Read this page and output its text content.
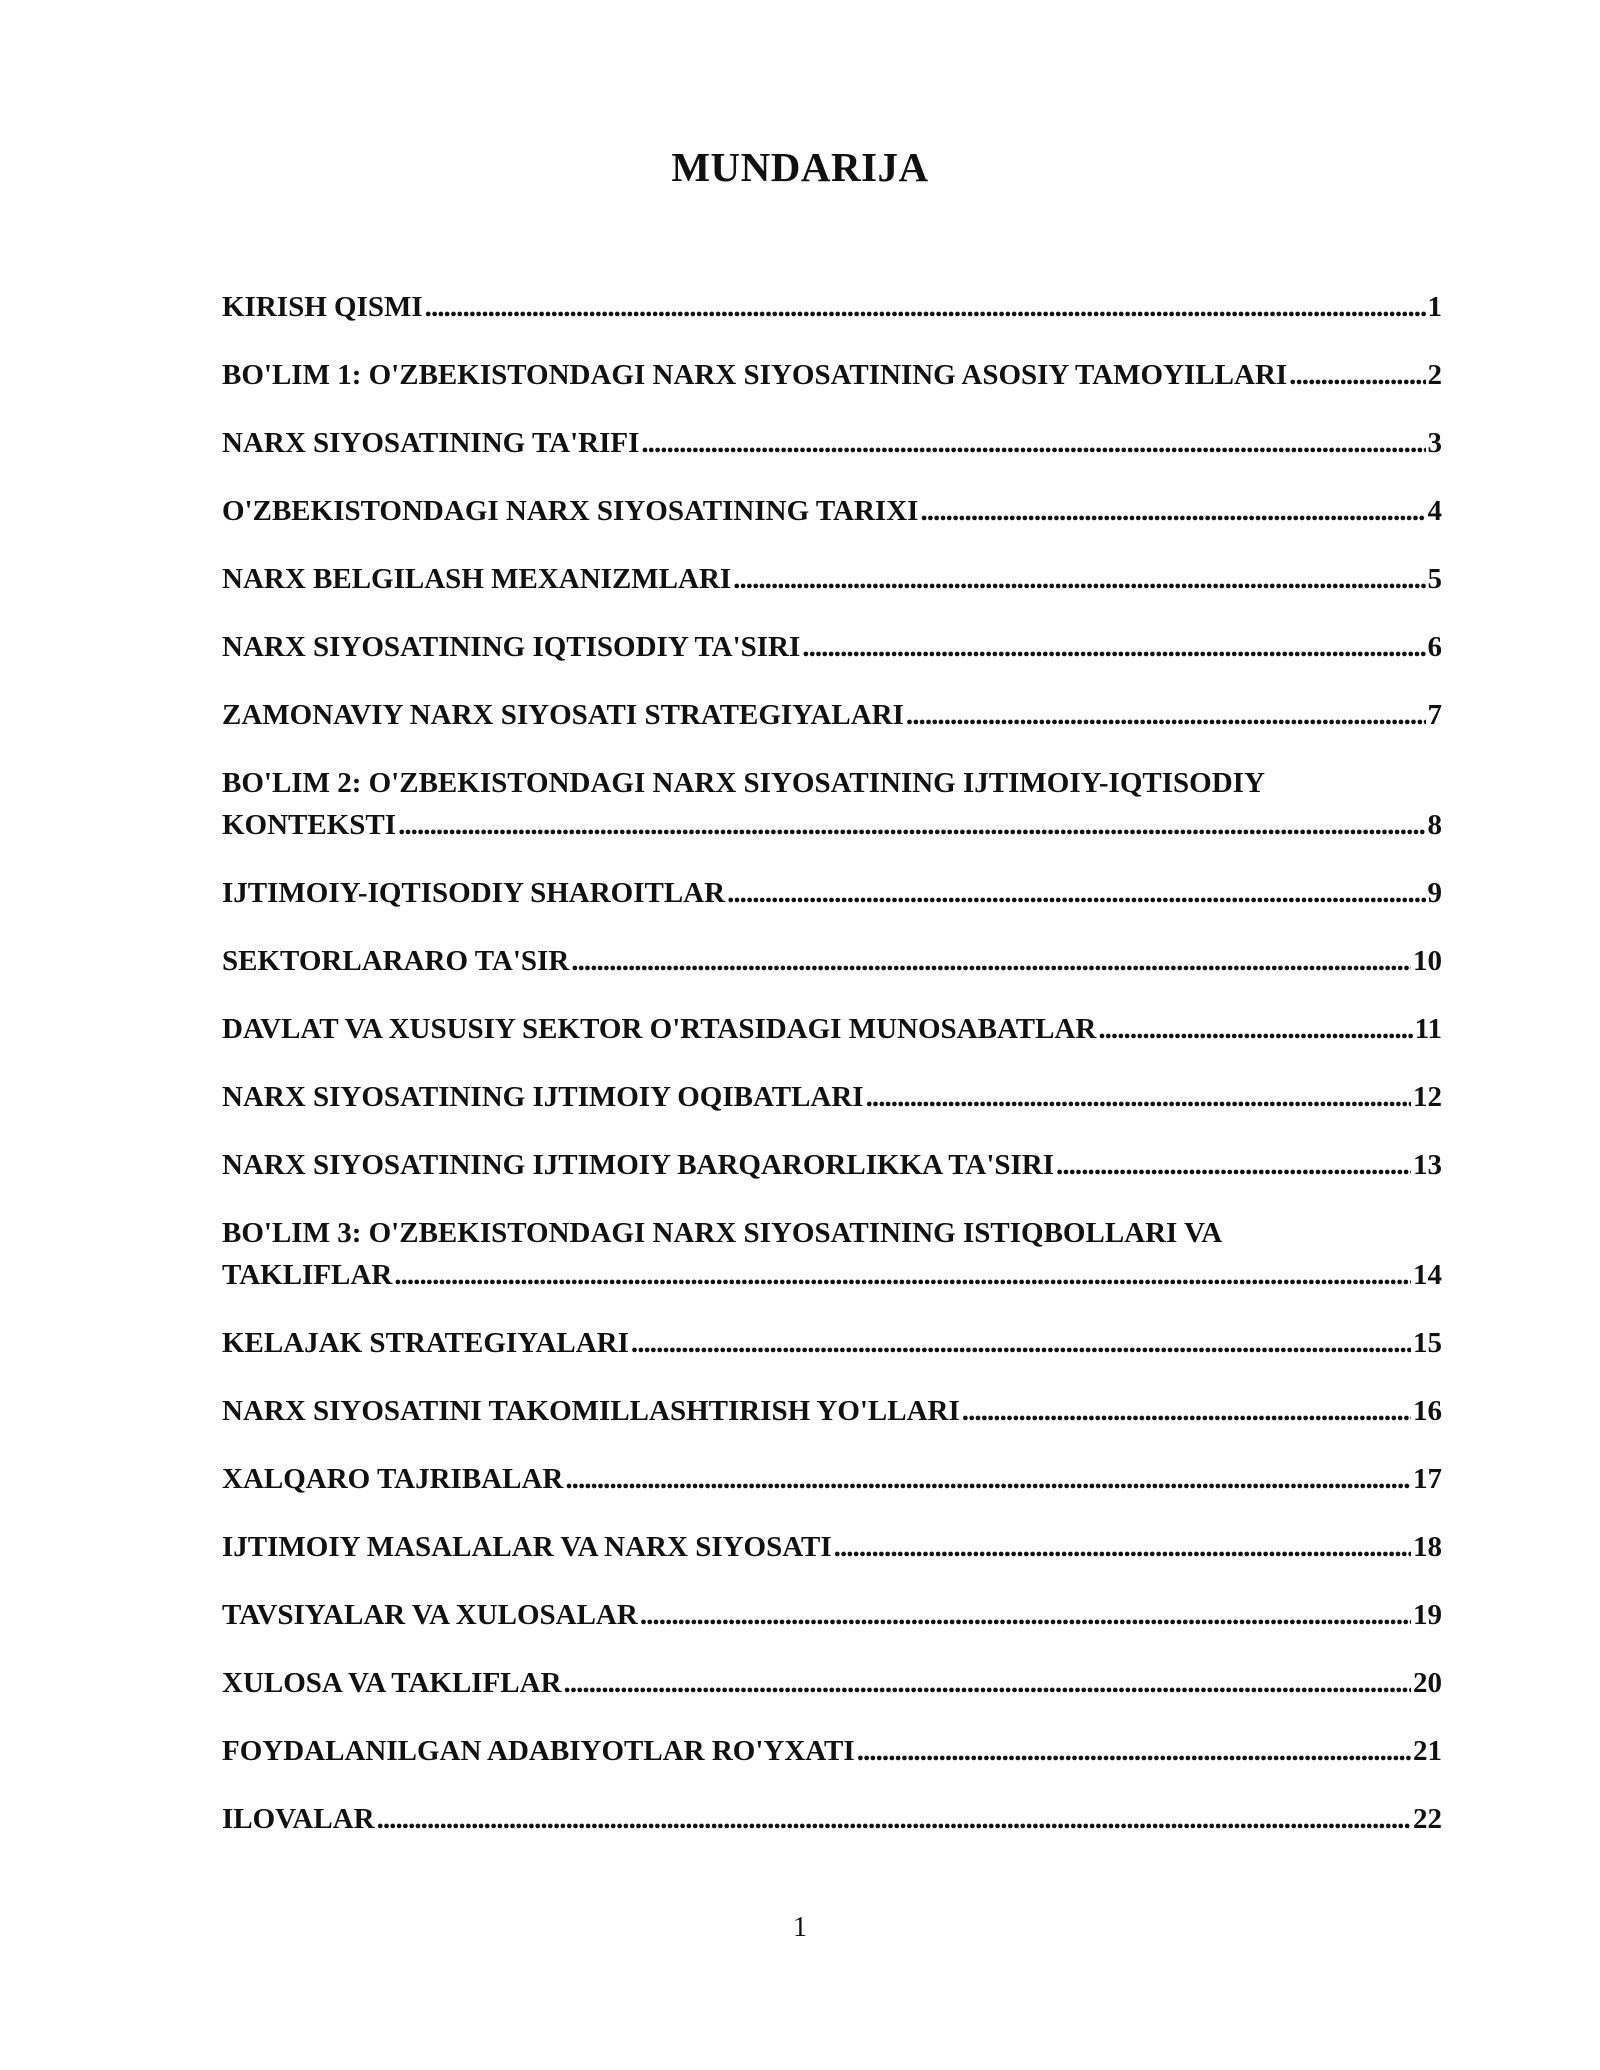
MUNDARIJA
KIRISH QISMI . . .	1
BO'LIM 1: O'ZBEKISTONDAGI NARX SIYOSATINING ASOSIY TAMOYILLARI . . .	2
NARX SIYOSATINING TA'RIFI . . .	3
O'ZBEKISTONDAGI NARX SIYOSATINING TARIXI . . .	4
NARX BELGILASH MEXANIZMLARI . . .	5
NARX SIYOSATINING IQTISODIY TA'SIRI . . .	6
ZAMONAVIY NARX SIYOSATI STRATEGIYALARI . . .	7
BO'LIM 2: O'ZBEKISTONDAGI NARX SIYOSATINING IJTIMOIY-IQTISODIY
KONTEKSTI . . .	8
IJTIMOIY-IQTISODIY SHAROITLAR . . .	9
SEKTORLARARO TA'SIR . . .	10
DAVLAT VA XUSUSIY SEKTOR O'RTASIDAGI MUNOSABATLAR . . .	11
NARX SIYOSATINING IJTIMOIY OQIBATLARI . . .	12
NARX SIYOSATINING IJTIMOIY BARQARORLIKKA TA'SIRI . . .	13
BO'LIM 3: O'ZBEKISTONDAGI NARX SIYOSATINING ISTIQBOLLARI VA
TAKLIFLAR . . .	14
KELAJAK STRATEGIYALARI . . .	15
NARX SIYOSATINI TAKOMILLASHTIRISH YO'LLARI . . .	16
XALQARO TAJRIBALAR . . .	17
IJTIMOIY MASALALAR VA NARX SIYOSATI . . .	18
TAVSIYALAR VA XULOSALAR . . .	19
XULOSA VA TAKLIFLAR . . .	20
FOYDALANILGAN ADABIYOTLAR RO'YXATI . . .	21
ILOVALAR . . .	22
1
